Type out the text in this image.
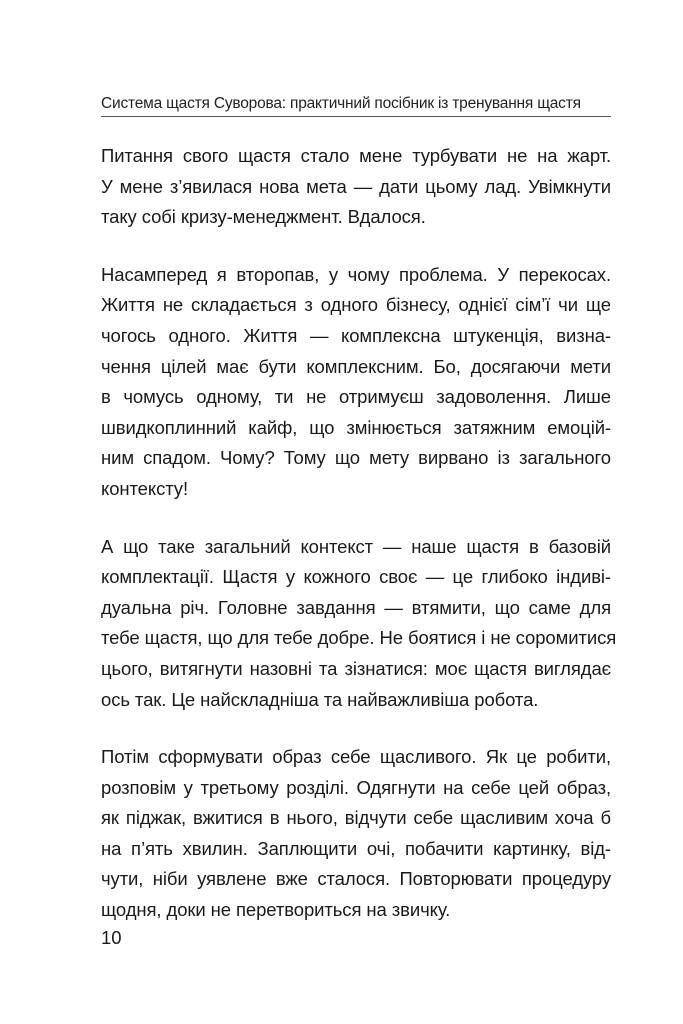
Система щастя Суворова: практичний посібник із тренування щастя
Питання свого щастя стало мене турбувати не на жарт.
У мене з’явилася нова мета — дати цьому лад. Увімкнути
таку собі кризу-менеджмент. Вдалося.
Насамперед я второпав, у чому проблема. У перекосах.
Життя не складається з одного бізнесу, однієї сім’ї чи ще
чогось одного. Життя — комплексна штукенція, визна-
чення цілей має бути комплексним. Бо, досягаючи мети
в чомусь одному, ти не отримуєш задоволення. Лише
швидкоплинний кайф, що змінюється затяжним емоцій-
ним спадом. Чому? Тому що мету вирвано із загального
контексту!
А що таке загальний контекст — наше щастя в базовій
комплектації. Щастя у кожного своє — це глибоко індиві-
дуальна річ. Головне завдання — втямити, що саме для
тебе щастя, що для тебе добре. Не боятися і не соромитися
цього, витягнути назовні та зізнатися: моє щастя виглядає
ось так. Це найскладніша та найважливіша робота.
Потім сформувати образ себе щасливого. Як це робити,
розповім у третьому розділі. Одягнути на себе цей образ,
як піджак, вжитися в нього, відчути себе щасливим хоча б
на п’ять хвилин. Заплющити очі, побачити картинку, від-
чути, ніби уявлене вже сталося. Повторювати процедуру
щодня, доки не перетвориться на звичку.
10
